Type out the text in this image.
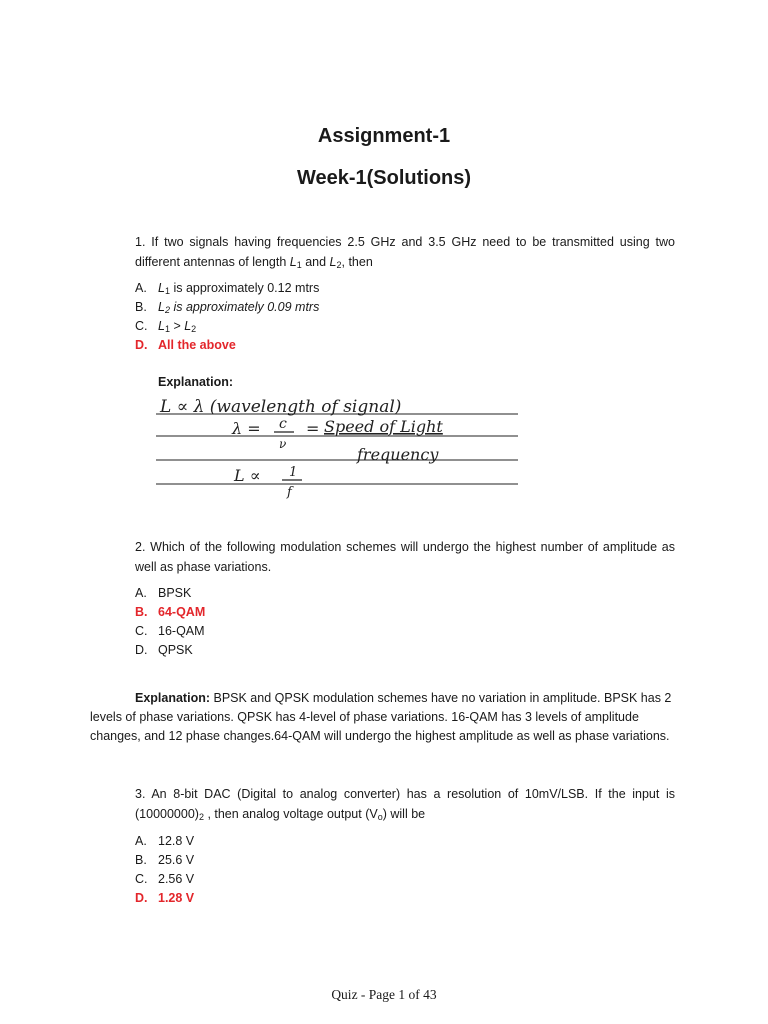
Assignment-1
Week-1(Solutions)
1. If two signals having frequencies 2.5 GHz and 3.5 GHz need to be transmitted using two different antennas of length $L_1$ and $L_2$, then
A. $L_1$ is approximately 0.12 mtrs
B. $L_2$ is approximately 0.09 mtrs
C. $L_1 > L_2$
D. All the above
Explanation:
L ∝ λ (wavelength of signal)
λ = c
ν
= Speed of Light
frequency
L ∝ 1
f
2. Which of the following modulation schemes will undergo the highest number of amplitude as well as phase variations.
A. BPSK
B. 64-QAM
C. 16-QAM
D. QPSK
Explanation: BPSK and QPSK modulation schemes have no variation in amplitude. BPSK has 2 levels of phase variations. QPSK has 4-level of phase variations. 16-QAM has 3 levels of amplitude changes, and 12 phase changes.64-QAM will undergo the highest amplitude as well as phase variations.
3. An 8-bit DAC (Digital to analog converter) has a resolution of 10mV/LSB. If the input is $(10000000)_2$ , then analog voltage output $(V_o)$ will be
A. 12.8 V
B. 25.6 V
C. 2.56 V
D. 1.28 V
Quiz - Page 1 of 43
